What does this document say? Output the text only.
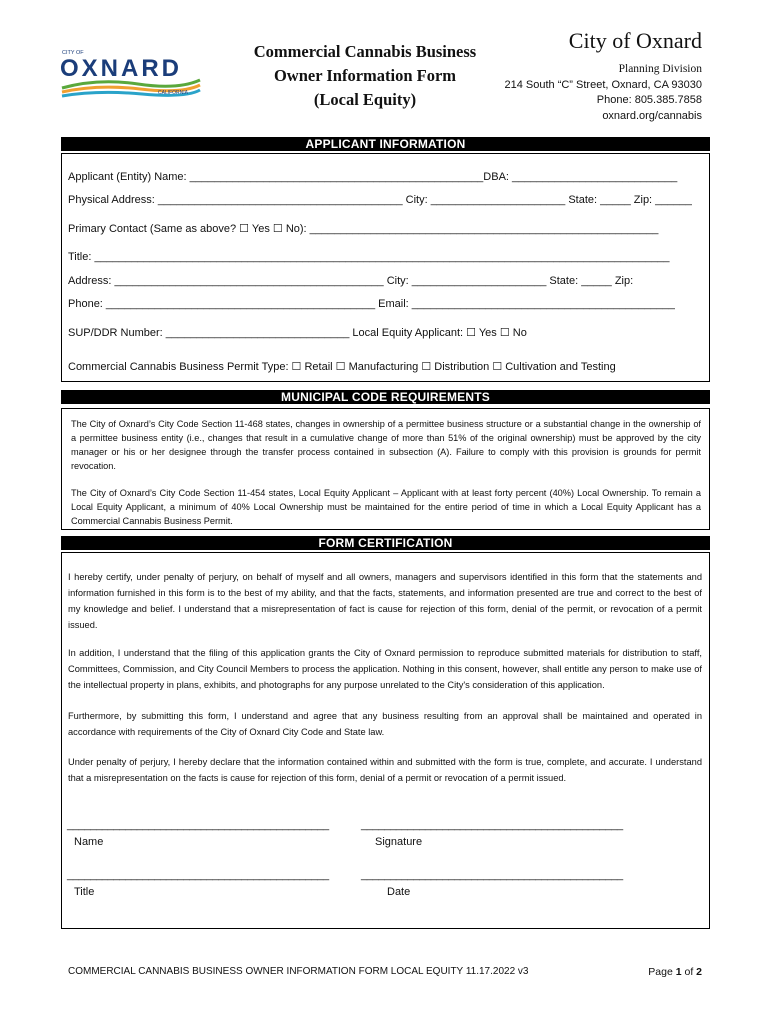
CITY OF
OXNARD
CALIFORNIA
Commercial Cannabis Business
Owner Information Form
(Local Equity)
City of Oxnard
Planning Division
214 South “C” Street, Oxnard, CA 93030
Phone: 805.385.7858
oxnard.org/cannabis
APPLICANT INFORMATION
Applicant (Entity) Name: ________________________________________________DBA: ___________________________
Physical Address: ________________________________________ City: ______________________ State: _____ Zip: ______
Primary Contact (Same as above? ☐ Yes ☐ No): _________________________________________________________
Title: ______________________________________________________________________________________________
Address: ____________________________________________ City: ______________________ State: _____ Zip:
Phone: ____________________________________________ Email: ___________________________________________
SUP/DDR Number: ______________________________ Local Equity Applicant: ☐ Yes ☐ No
Commercial Cannabis Business Permit Type: ☐ Retail ☐ Manufacturing ☐ Distribution ☐ Cultivation and Testing
MUNICIPAL CODE REQUIREMENTS
The City of Oxnard’s City Code Section 11-468 states, changes in ownership of a permittee business structure or a substantial change in the ownership of a permittee business entity (i.e., changes that result in a cumulative change of more than 51% of the original ownership) must be approved by the city manager or his or her designee through the transfer process contained in subsection (A). Failure to comply with this provision is grounds for permit revocation.
The City of Oxnard’s City Code Section 11-454 states, Local Equity Applicant – Applicant with at least forty percent (40%) Local Ownership. To remain a Local Equity Applicant, a minimum of 40% Local Ownership must be maintained for the entire period of time in which a Local Equity Applicant has a Commercial Cannabis Business Permit.
FORM CERTIFICATION
I hereby certify, under penalty of perjury, on behalf of myself and all owners, managers and supervisors identified in this form that the statements and information furnished in this form is to the best of my ability, and that the facts, statements, and information presented are true and correct to the best of my knowledge and belief. I understand that a misrepresentation of fact is cause for rejection of this form, denial of the permit, or revocation of a permit issued.
In addition, I understand that the filing of this application grants the City of Oxnard permission to reproduce submitted materials for distribution to staff, Committees, Commission, and City Council Members to process the application. Nothing in this consent, however, shall entitle any person to make use of the intellectual property in plans, exhibits, and photographs for any purpose unrelated to the City's consideration of this application.
Furthermore, by submitting this form, I understand and agree that any business resulting from an approval shall be maintained and operated in accordance with requirements of the City of Oxnard City Code and State law.
Under penalty of perjury, I hereby declare that the information contained within and submitted with the form is true, complete, and accurate. I understand that a misrepresentation on the facts is cause for rejection of this form, denial of a permit or revocation of a permit issued.
_____________________________________________	_____________________________________________
Name	Signature
_____________________________________________	_____________________________________________
Title	Date
COMMERCIAL CANNABIS BUSINESS OWNER INFORMATION FORM LOCAL EQUITY 11.17.2022 v3	Page 1 of 2
